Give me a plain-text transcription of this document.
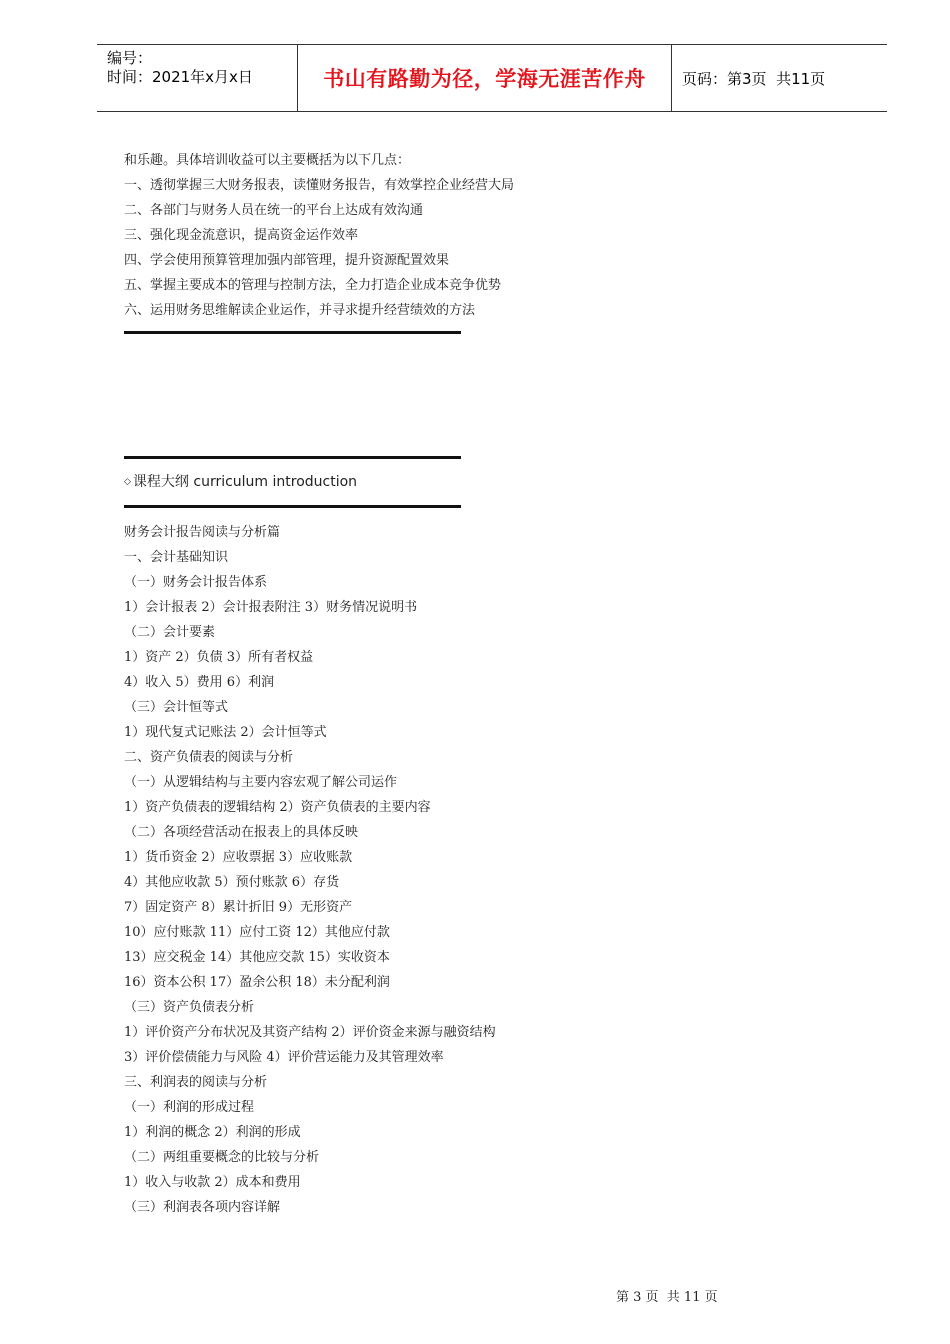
编号：
时间：2021年x月x日	书山有路勤为径，学海无涯苦作舟 页码：第3页  共11页
和乐趣。具体培训收益可以主要概括为以下几点：
一、透彻掌握三大财务报表，读懂财务报告，有效掌控企业经营大局
二、各部门与财务人员在统一的平台上达成有效沟通
三、强化现金流意识，提高资金运作效率
四、学会使用预算管理加强内部管理，提升资源配置效果
五、掌握主要成本的管理与控制方法，全力打造企业成本竞争优势
六、运用财务思维解读企业运作，并寻求提升经营绩效的方法
◇ 课程大纲 curriculum introduction
财务会计报告阅读与分析篇
一、会计基础知识
（一）财务会计报告体系
1）会计报表 2）会计报表附注 3）财务情况说明书
（二）会计要素
1）资产 2）负债 3）所有者权益
4）收入 5）费用 6）利润
（三）会计恒等式
1）现代复式记账法 2）会计恒等式
二、资产负债表的阅读与分析
（一）从逻辑结构与主要内容宏观了解公司运作
1）资产负债表的逻辑结构 2）资产负债表的主要内容
（二）各项经营活动在报表上的具体反映
1）货币资金 2）应收票据 3）应收账款
4）其他应收款 5）预付账款 6）存货
7）固定资产 8）累计折旧 9）无形资产
10）应付账款 11）应付工资 12）其他应付款
13）应交税金 14）其他应交款 15）实收资本
16）资本公积 17）盈余公积 18）未分配利润
（三）资产负债表分析
1）评价资产分布状况及其资产结构 2）评价资金来源与融资结构
3）评价偿债能力与风险 4）评价营运能力及其管理效率
三、利润表的阅读与分析
（一）利润的形成过程
1）利润的概念 2）利润的形成
（二）两组重要概念的比较与分析
1）收入与收款 2）成本和费用
（三）利润表各项内容详解
第 3 页  共 11 页
